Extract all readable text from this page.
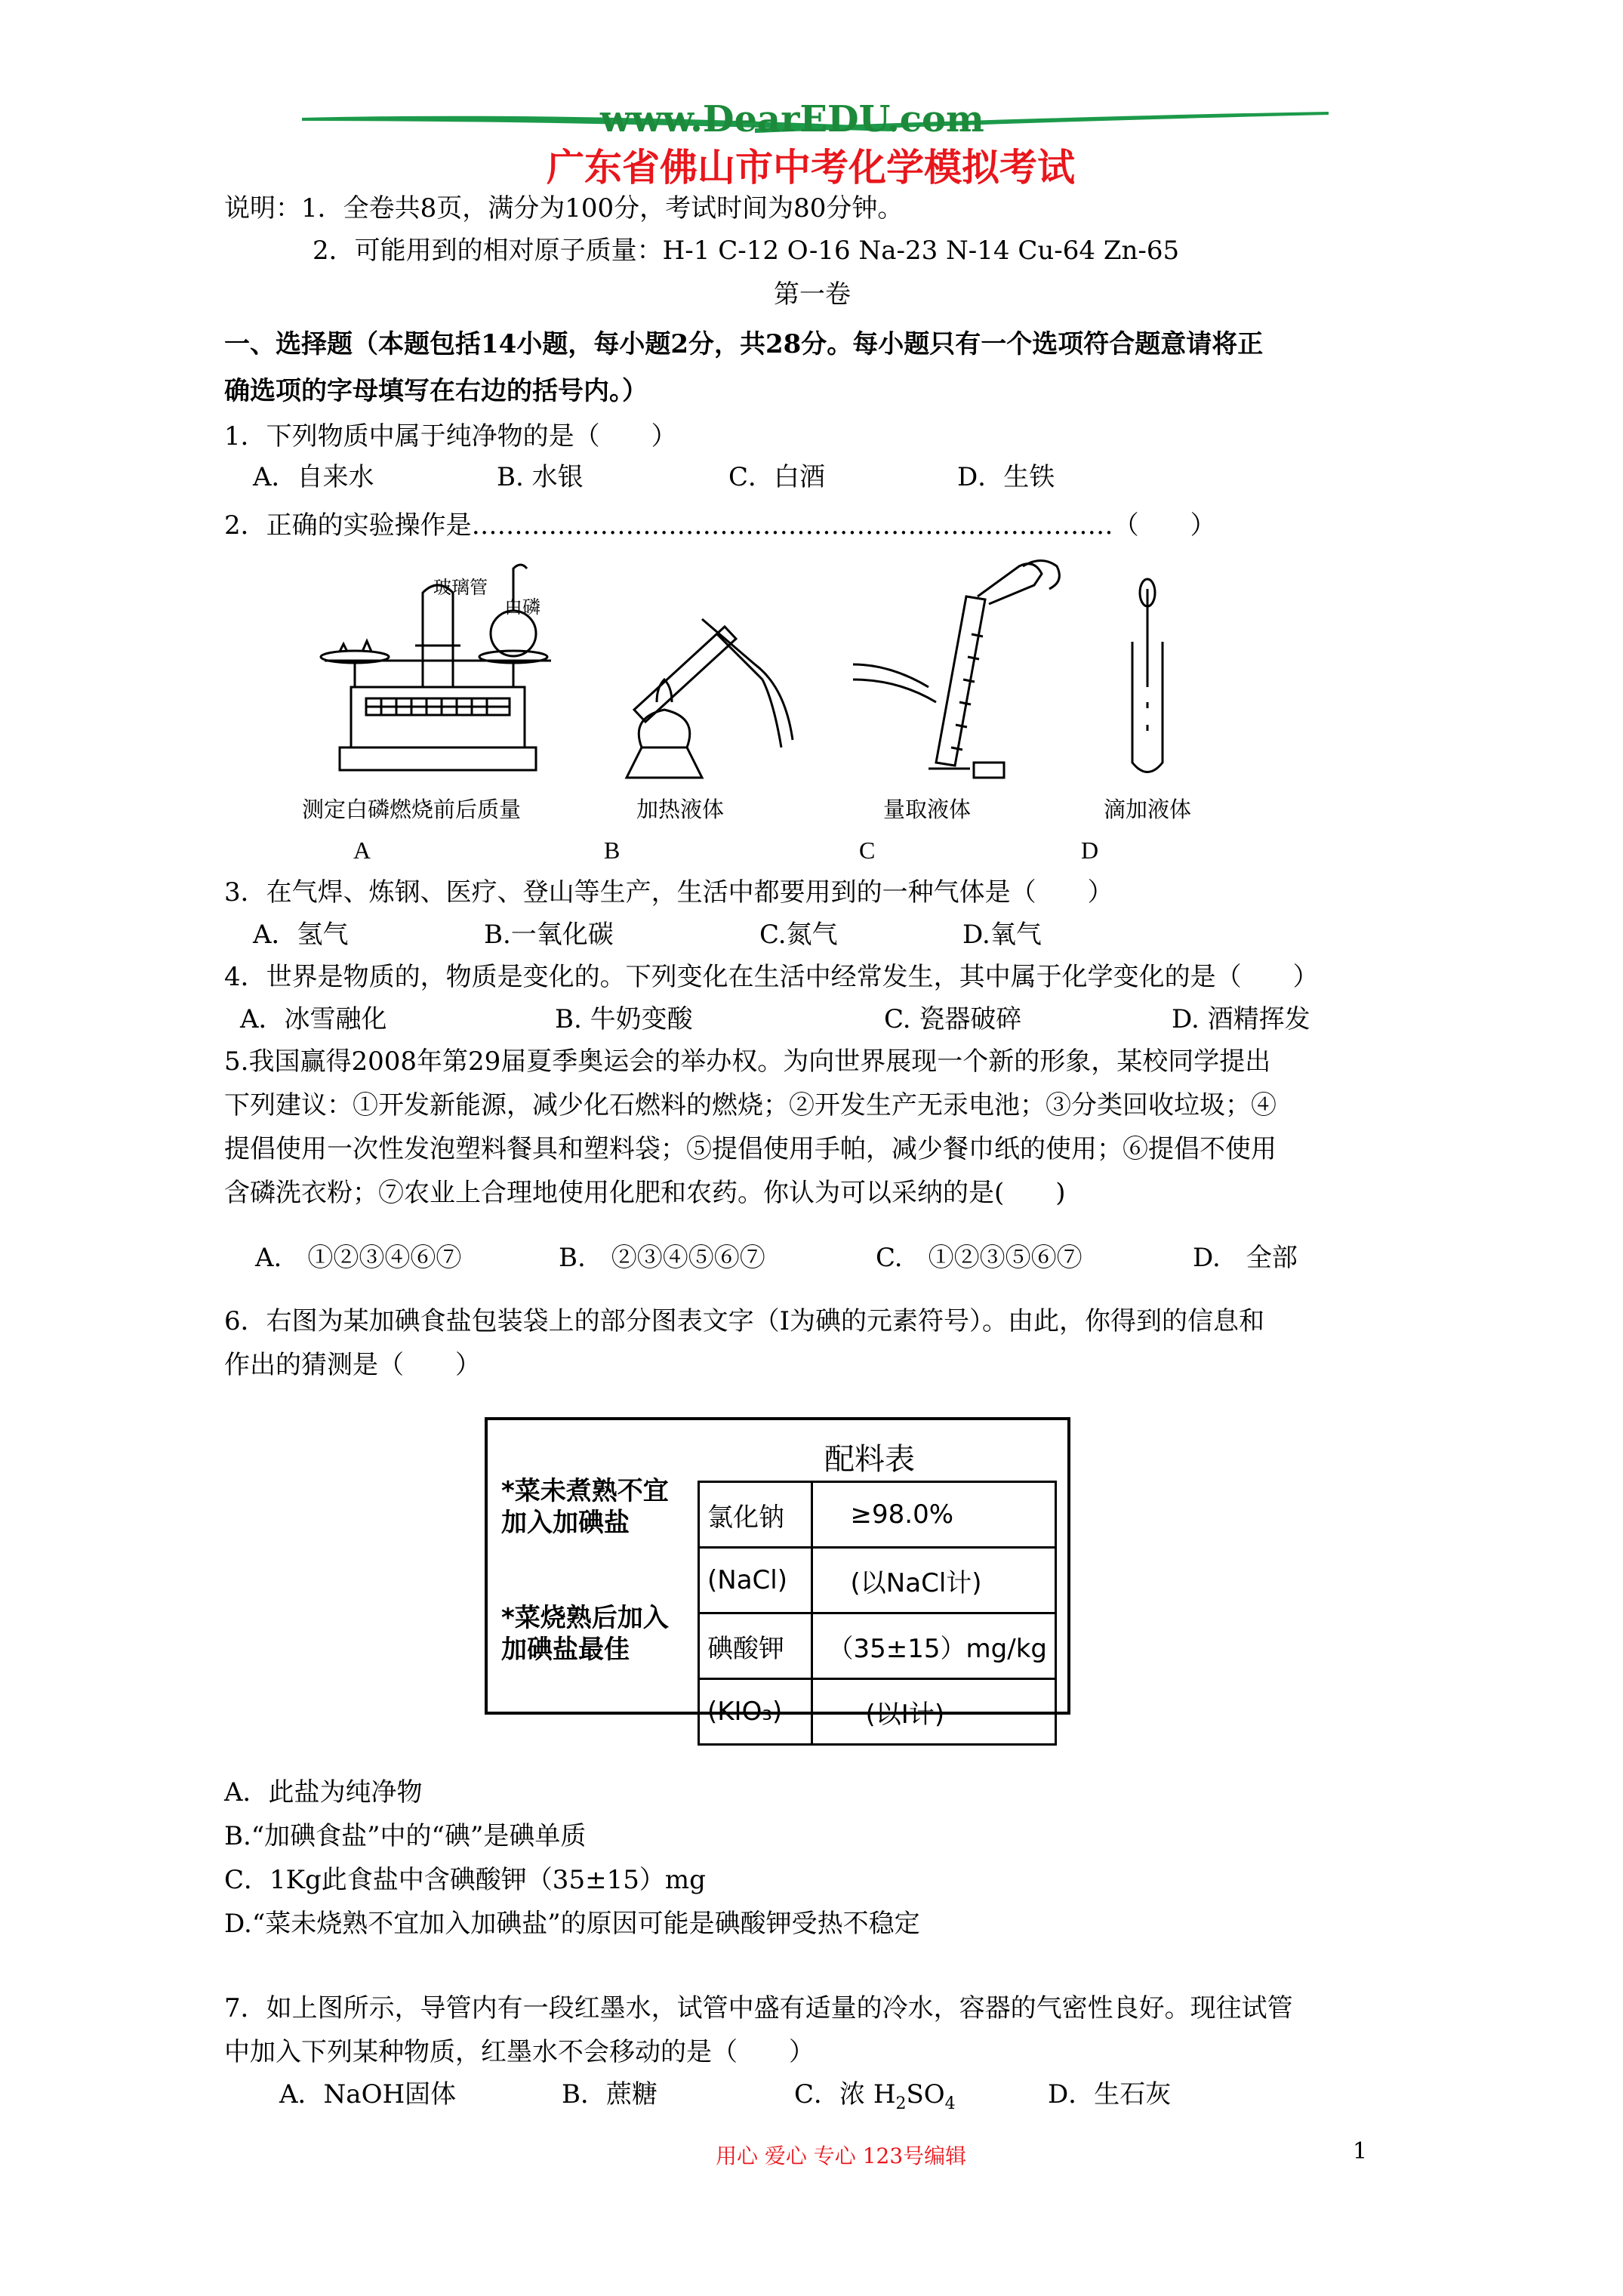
www.DearEDU.com
广东省佛山市中考化学模拟考试
说明：1．全卷共8页，满分为100分，考试时间为80分钟。
2．可能用到的相对原子质量：H-1 C-12 O-16 Na-23 N-14 Cu-64 Zn-65
第一卷
一、选择题（本题包括14小题，每小题2分，共28分。每小题只有一个选项符合题意请将正
确选项的字母填写在右边的括号内。）
1．下列物质中属于纯净物的是（　　）
A．自来水	B. 水银	C．白酒	D．生铁
2．正确的实验操作是…………………………………………………………………（　　）
玻璃管
白磷
测定白磷燃烧前后质量
A
加热液体
B
量取液体
C
滴加液体
D
3．在气焊、炼钢、医疗、登山等生产，生活中都要用到的一种气体是（　　）
A．氢气	B.一氧化碳	C.氮气	D.氧气
4．世界是物质的，物质是变化的。下列变化在生活中经常发生，其中属于化学变化的是（　　）
A．冰雪融化	B. 牛奶变酸	C. 瓷器破碎	D. 酒精挥发
5.我国赢得2008年第29届夏季奥运会的举办权。为向世界展现一个新的形象，某校同学提出
下列建议：①开发新能源，减少化石燃料的燃烧；②开发生产无汞电池；③分类回收垃圾；④
提倡使用一次性发泡塑料餐具和塑料袋；⑤提倡使用手帕，减少餐巾纸的使用；⑥提倡不使用
含磷洗衣粉；⑦农业上合理地使用化肥和农药。你认为可以采纳的是(　　)
A.　①②③④⑥⑦	B.　②③④⑤⑥⑦	C.　①②③⑤⑥⑦	D.　全部
6．右图为某加碘食盐包装袋上的部分图表文字（I为碘的元素符号）。由此，你得到的信息和
作出的猜测是（　　）
*菜未煮熟不宜
加入加碘盐
*菜烧熟后加入
加碘盐最佳
配料表
氯化钠	≥98.0%
(NaCl)	(以NaCl计)
碘酸钾	（35±15）mg/kg
(KIO₃)	(以I计)
A．此盐为纯净物
B.“加碘食盐”中的“碘”是碘单质
C．1Kg此食盐中含碘酸钾（35±15）mg
D.“菜未烧熟不宜加入加碘盐”的原因可能是碘酸钾受热不稳定
7．如上图所示，导管内有一段红墨水，试管中盛有适量的冷水，容器的气密性良好。现往试管
中加入下列某种物质，红墨水不会移动的是（　　）
A．NaOH固体	B．蔗糖	C．浓 $H_2SO_4$	D．生石灰
用心 爱心 专心 123号编辑	1
